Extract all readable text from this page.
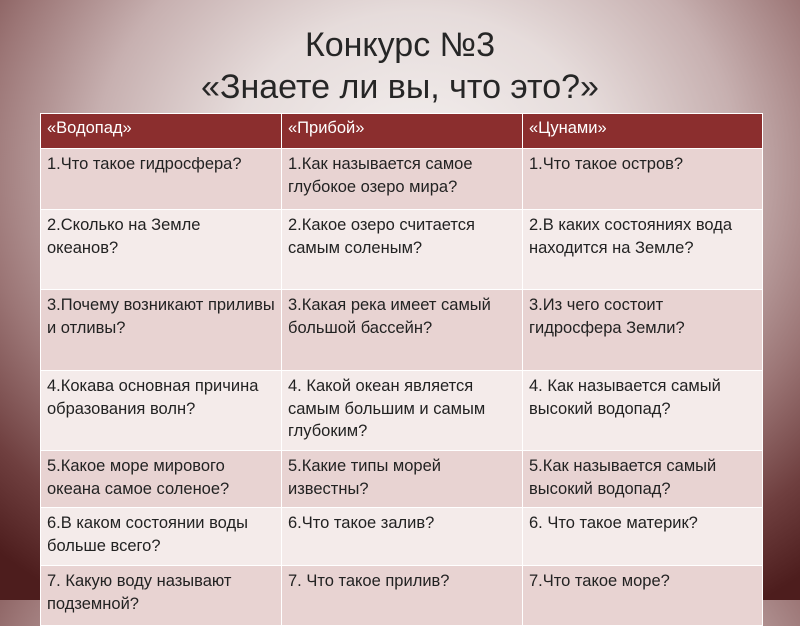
Конкурс №3
«Знаете ли вы, что это?»
«Водопад»	«Прибой»	«Цунами»
1.Что такое гидросфера?	1.Как называется самое глубокое озеро мира?	1.Что такое остров?
2.Сколько на Земле океанов?	2.Какое озеро считается самым соленым?	2.В каких состояниях вода находится на Земле?
3.Почему возникают приливы и отливы?	3.Какая река имеет самый большой бассейн?	3.Из чего состоит гидросфера Земли?
4.Кокава основная причина образования волн?	4. Какой океан является самым большим и самым глубоким?	4. Как называется самый высокий водопад?
5.Какое море мирового океана самое соленое?	5.Какие типы морей известны?	5.Как называется самый высокий водопад?
6.В каком состоянии воды больше всего?	6.Что такое залив?	6. Что такое материк?
7. Какую воду называют подземной?	7. Что такое прилив?	7.Что такое море?
